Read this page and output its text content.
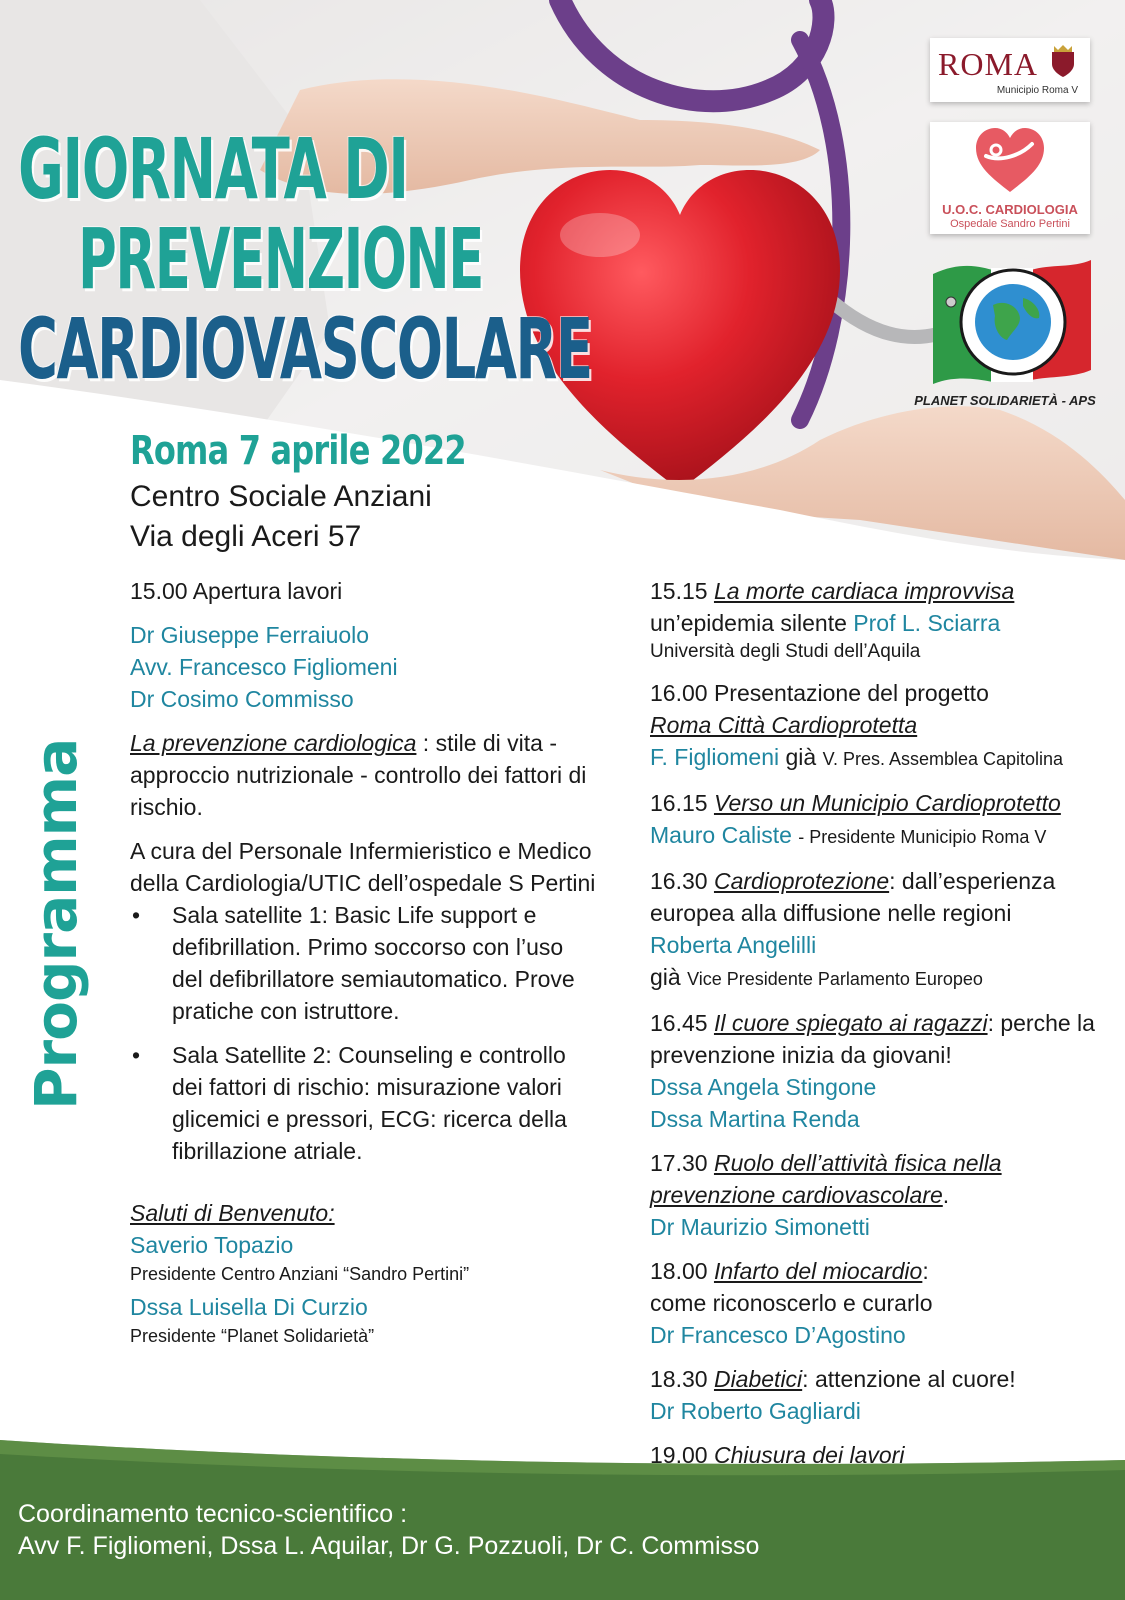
GIORNATA DI
PREVENZIONE
CARDIOVASCOLARE
Roma 7 aprile 2022
Centro Sociale Anziani
Via degli Aceri 57
ROMA
Municipio Roma V
U.O.C. CARDIOLOGIA
Ospedale Sandro Pertini
PLANET SOLIDARIETÀ - APS
Programma

15.00 Apertura lavori

Dr Giuseppe Ferraiuolo

Avv. Francesco Figliomeni

Dr Cosimo Commisso

La prevenzione cardiologica : stile di vita - approccio nutrizionale - controllo dei fattori di rischio.

A cura del Personale Infermieristico e Medico della Cardiologia/UTIC dell’ospedale S Pertini

• Sala satellite 1: Basic Life support e defibrillation. Primo soccorso con l’uso del defibrillatore semiautomatico. Prove pratiche con istruttore.
• Sala Satellite 2: Counseling e controllo dei fattori di rischio: misurazione valori glicemici e pressori, ECG: ricerca della fibrillazione atriale.

Saluti di Benvenuto:

Saverio Topazio

Presidente Centro Anziani “Sandro Pertini”

Dssa Luisella Di Curzio

Presidente “Planet Solidarietà”

15.15 La morte cardiaca improvvisa

un’epidemia silente Prof L. Sciarra

Università degli Studi dell’Aquila

16.00 Presentazione del progetto

Roma Città Cardioprotetta

F. Figliomeni già V. Pres. Assemblea Capitolina

16.15 Verso un Municipio Cardioprotetto

Mauro Caliste - Presidente Municipio Roma V

16.30 Cardioprotezione: dall’esperienza europea alla diffusione nelle regioni

Roberta Angelilli

già Vice Presidente Parlamento Europeo

16.45 Il cuore spiegato ai ragazzi: perche la prevenzione inizia da giovani!

Dssa Angela Stingone

Dssa Martina Renda

17.30 Ruolo dell’attività fisica nella prevenzione cardiovascolare.

Dr Maurizio Simonetti

18.00 Infarto del miocardio:

come riconoscerlo e curarlo

Dr Francesco D’Agostino

18.30 Diabetici: attenzione al cuore!

Dr Roberto Gagliardi

19.00 Chiusura dei lavori

Coordinamento tecnico-scientifico :
Avv F. Figliomeni, Dssa L. Aquilar, Dr G. Pozzuoli, Dr C. Commisso
